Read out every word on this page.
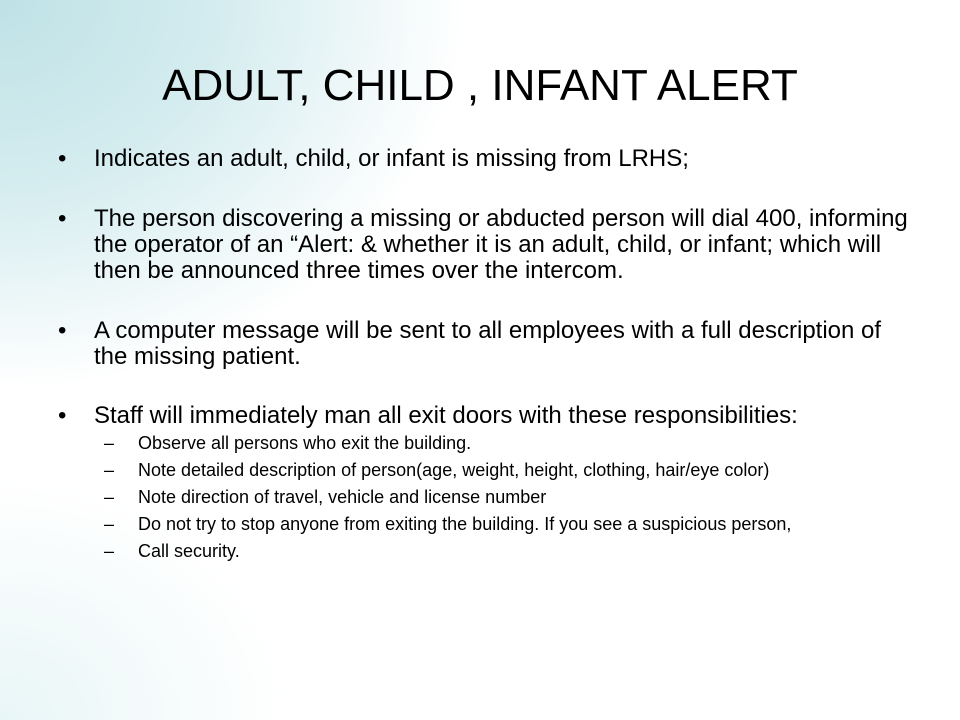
ADULT, CHILD , INFANT ALERT
• Indicates an adult, child, or infant is missing from LRHS;
• The person discovering a missing or abducted person will dial 400, informing the operator of an “Alert: & whether it is an adult, child, or infant; which will then be announced three times over the intercom.
• A computer message will be sent to all employees with a full description of the missing patient.
• Staff will immediately man all exit doors with these responsibilities:
– Observe all persons who exit the building.
– Note detailed description of person(age, weight, height, clothing, hair/eye color)
– Note direction of travel, vehicle and license number
– Do not try to stop anyone from exiting the building. If you see a suspicious person,
– Call security.
